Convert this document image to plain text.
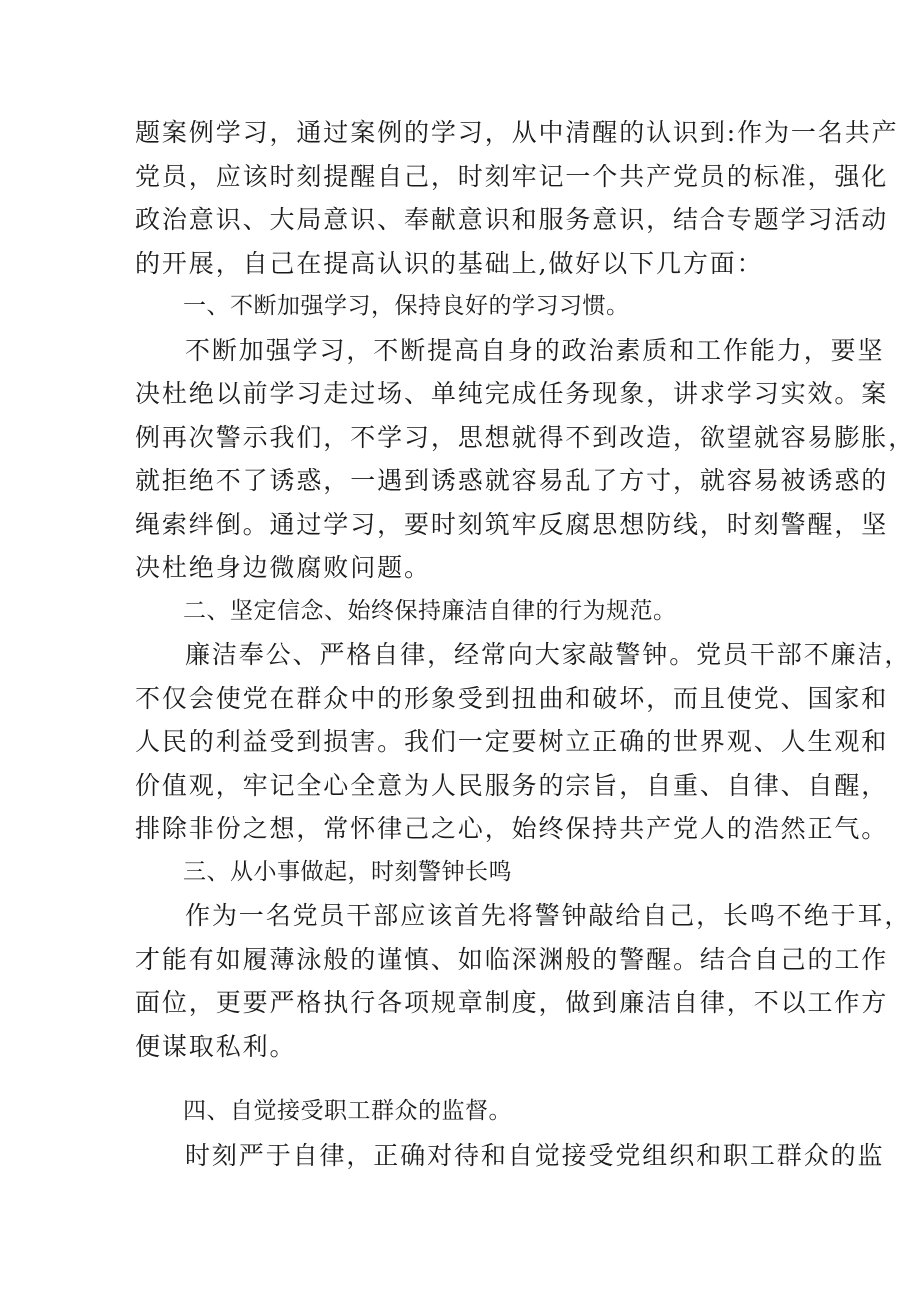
题案例学习，通过案例的学习，从中清醒的认识到:作为一名共产
党员，应该时刻提醒自己，时刻牢记一个共产党员的标准，强化
政治意识、大局意识、奉献意识和服务意识，结合专题学习活动
的开展，自己在提高认识的基础上,做好以下几方面：
一、不断加强学习，保持良好的学习习惯。
不断加强学习，不断提高自身的政治素质和工作能力，要坚
决杜绝以前学习走过场、单纯完成任务现象，讲求学习实效。案
例再次警示我们，不学习，思想就得不到改造，欲望就容易膨胀，
就拒绝不了诱惑，一遇到诱惑就容易乱了方寸，就容易被诱惑的
绳索绊倒。通过学习，要时刻筑牢反腐思想防线，时刻警醒，坚
决杜绝身边微腐败问题。
二、坚定信念、始终保持廉洁自律的行为规范。
廉洁奉公、严格自律，经常向大家敲警钟。党员干部不廉洁，
不仅会使党在群众中的形象受到扭曲和破坏，而且使党、国家和
人民的利益受到损害。我们一定要树立正确的世界观、人生观和
价值观，牢记全心全意为人民服务的宗旨，自重、自律、自醒，
排除非份之想，常怀律己之心，始终保持共产党人的浩然正气。
三、从小事做起，时刻警钟长鸣
作为一名党员干部应该首先将警钟敲给自己，长鸣不绝于耳，
才能有如履薄泳般的谨慎、如临深渊般的警醒。结合自己的工作
面位，更要严格执行各项规章制度，做到廉洁自律，不以工作方
便谋取私利。
四、自觉接受职工群众的监督。
时刻严于自律，正确对待和自觉接受党组织和职工群众的监
